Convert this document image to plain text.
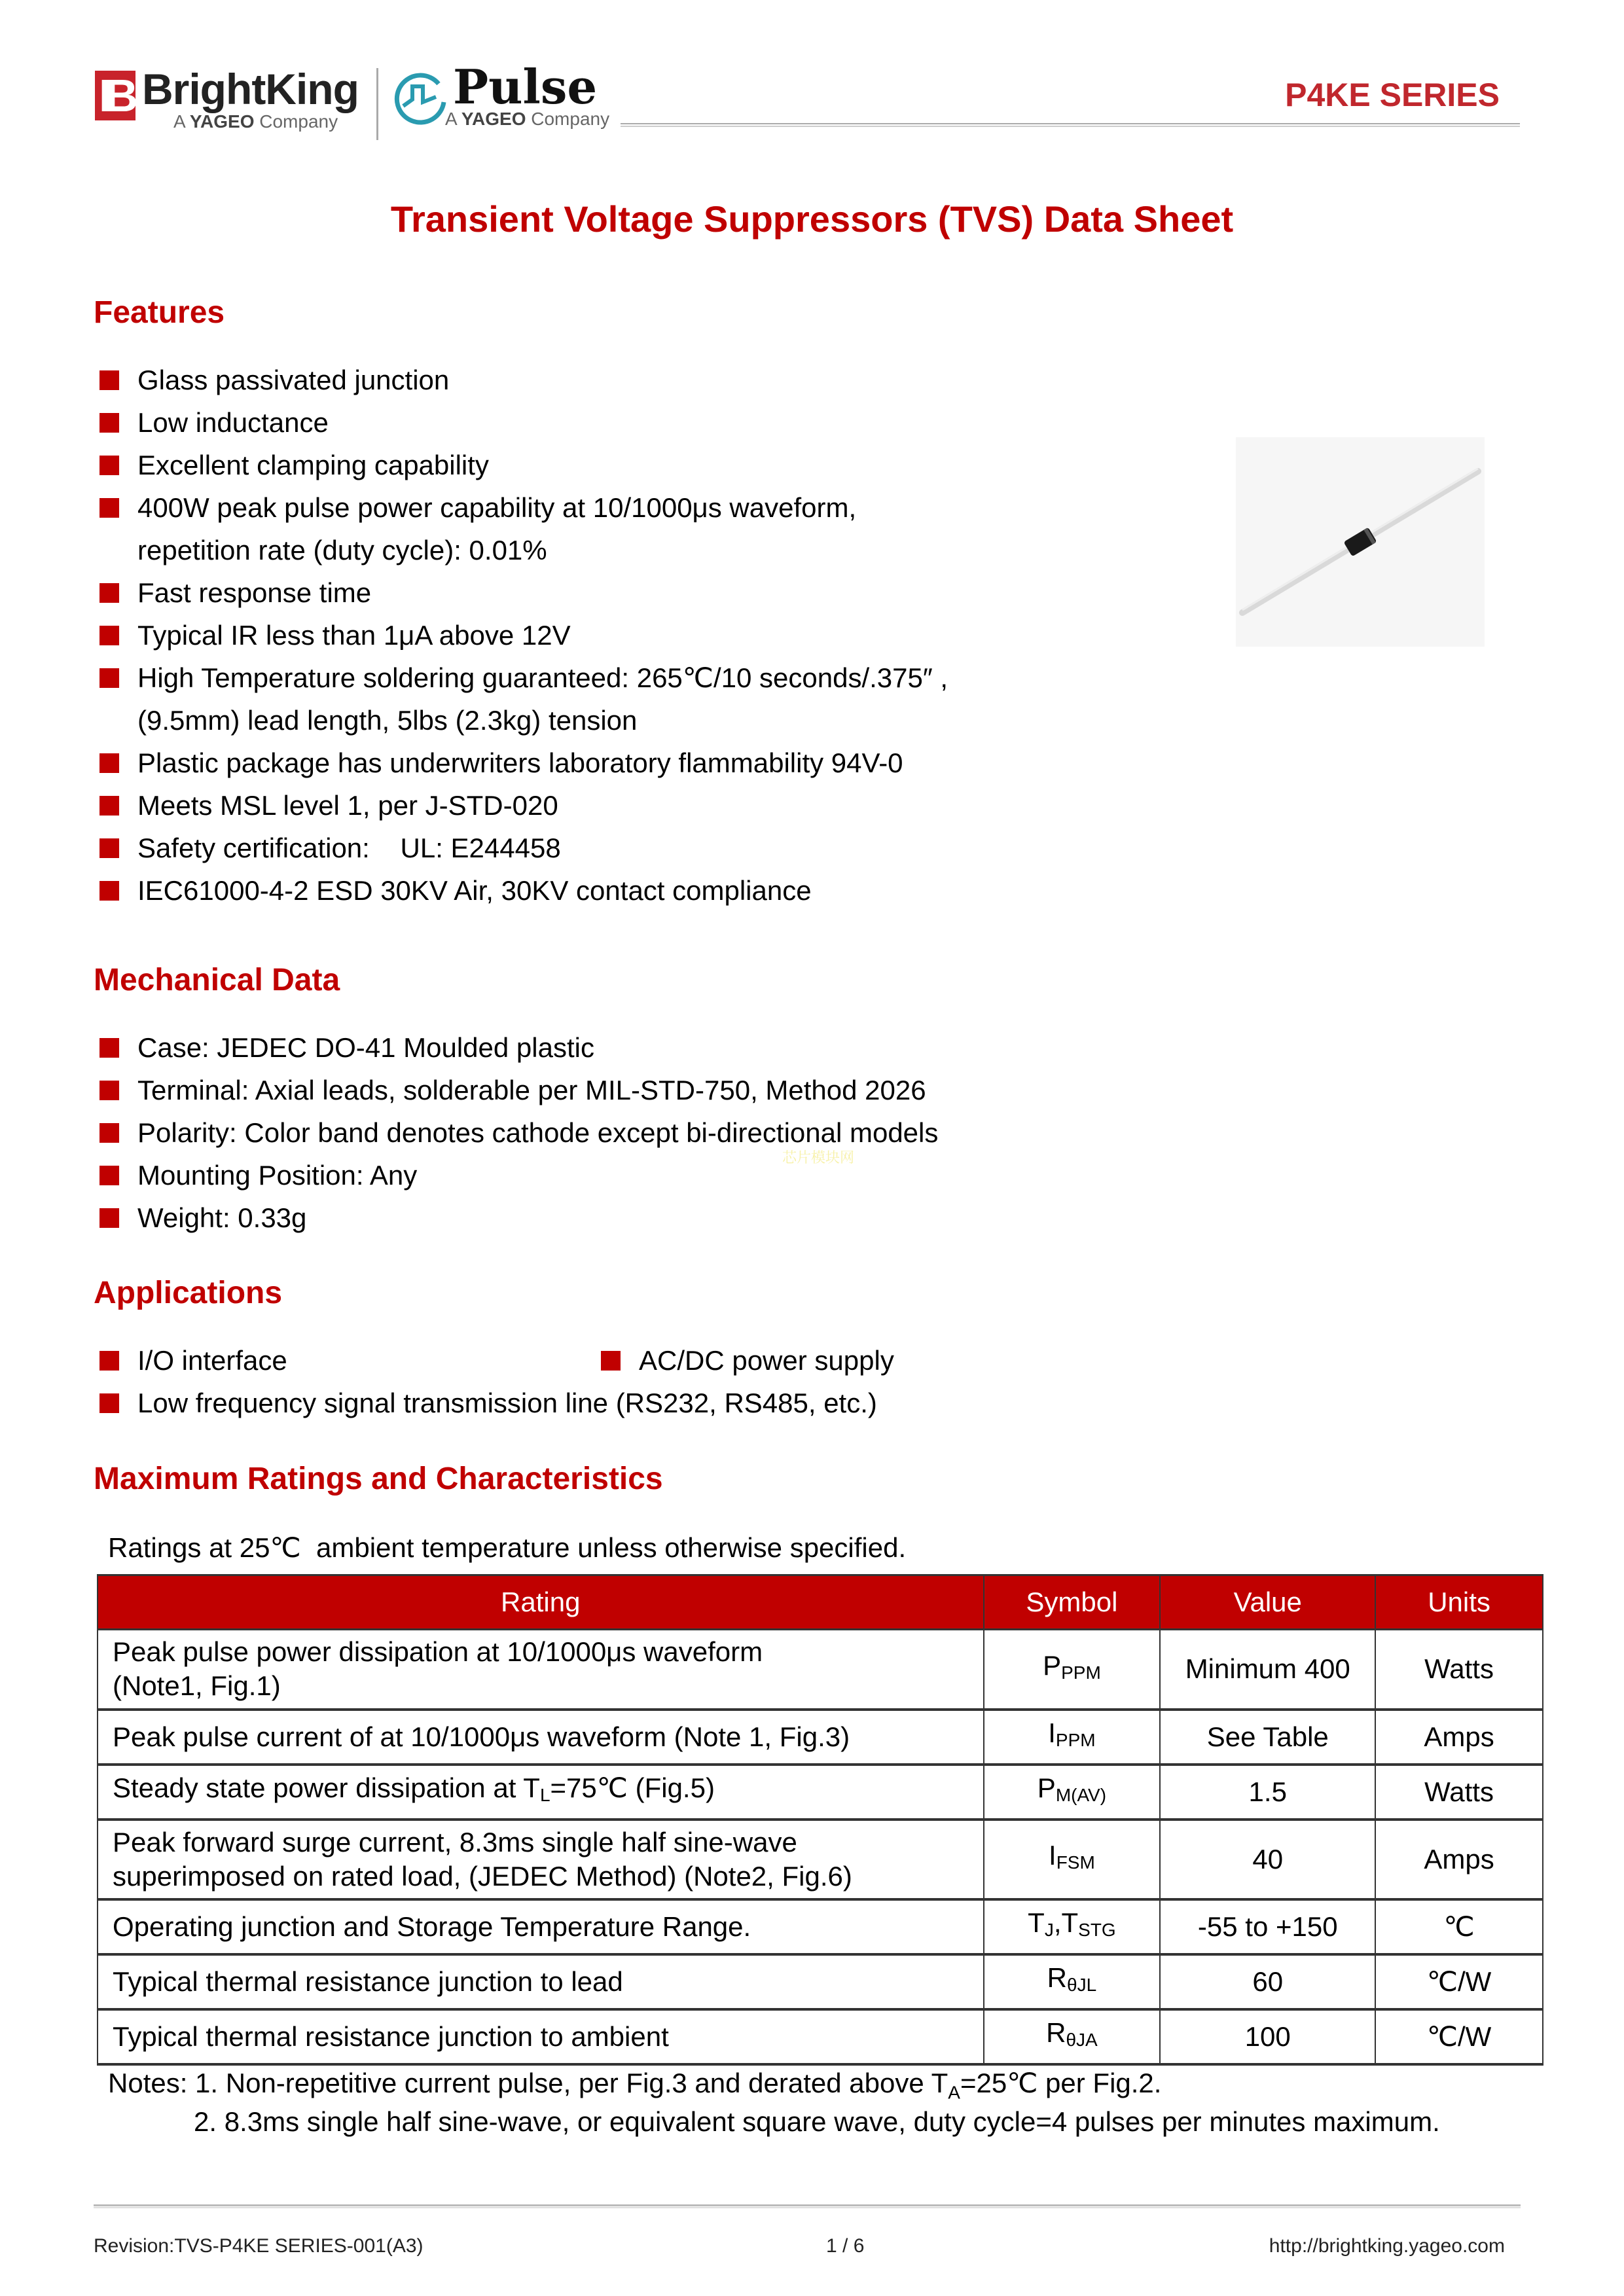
IB BrightKing
A YAGEO Company
Pulse
A YAGEO Company
P4KE SERIES
Transient Voltage Suppressors (TVS) Data Sheet
Features
Glass passivated junction
Low inductance
Excellent clamping capability
400W peak pulse power capability at 10/1000μs waveform,
repetition rate (duty cycle): 0.01%
Fast response time
Typical IR less than 1μA above 12V
High Temperature soldering guaranteed: 265℃/10 seconds/.375″ ,
(9.5mm) lead length, 5lbs (2.3kg) tension
Plastic package has underwriters laboratory flammability 94V-0
Meets MSL level 1, per J-STD-020
Safety certification:    UL: E244458
IEC61000-4-2 ESD 30KV Air, 30KV contact compliance
Mechanical Data
Case: JEDEC DO-41 Moulded plastic
Terminal: Axial leads, solderable per MIL-STD-750, Method 2026
Polarity: Color band denotes cathode except bi-directional models
Mounting Position: Any
Weight: 0.33g
芯片模块网
Applications
I/O interface	AC/DC power supply
Low frequency signal transmission line (RS232, RS485, etc.)
Maximum Ratings and Characteristics
Ratings at 25℃  ambient temperature unless otherwise specified.
Rating	Symbol	Value	Units
Peak pulse power dissipation at 10/1000μs waveform
(Note1, Fig.1)	$P_{PPM}$	Minimum 400	Watts
Peak pulse current of at 10/1000μs waveform (Note 1, Fig.3)	$I_{PPM}$	See Table	Amps
Steady state power dissipation at $T_L=75℃$ (Fig.5)	$P_{M(AV)}$	1.5	Watts
Peak forward surge current, 8.3ms single half sine-wave
superimposed on rated load, (JEDEC Method) (Note2, Fig.6)	$I_{FSM}$	40	Amps
Operating junction and Storage Temperature Range.	$T_J,T_{STG}$	-55 to +150	℃
Typical thermal resistance junction to lead	$R_{\theta JL}$	60	℃/W
Typical thermal resistance junction to ambient	$R_{\theta JA}$	100	℃/W
Notes: 1. Non-repetitive current pulse, per Fig.3 and derated above $T_A=25℃$ per Fig.2.
2. 8.3ms single half sine-wave, or equivalent square wave, duty cycle=4 pulses per minutes maximum.
Revision:TVS-P4KE SERIES-001(A3)	1 / 6	http://brightking.yageo.com
